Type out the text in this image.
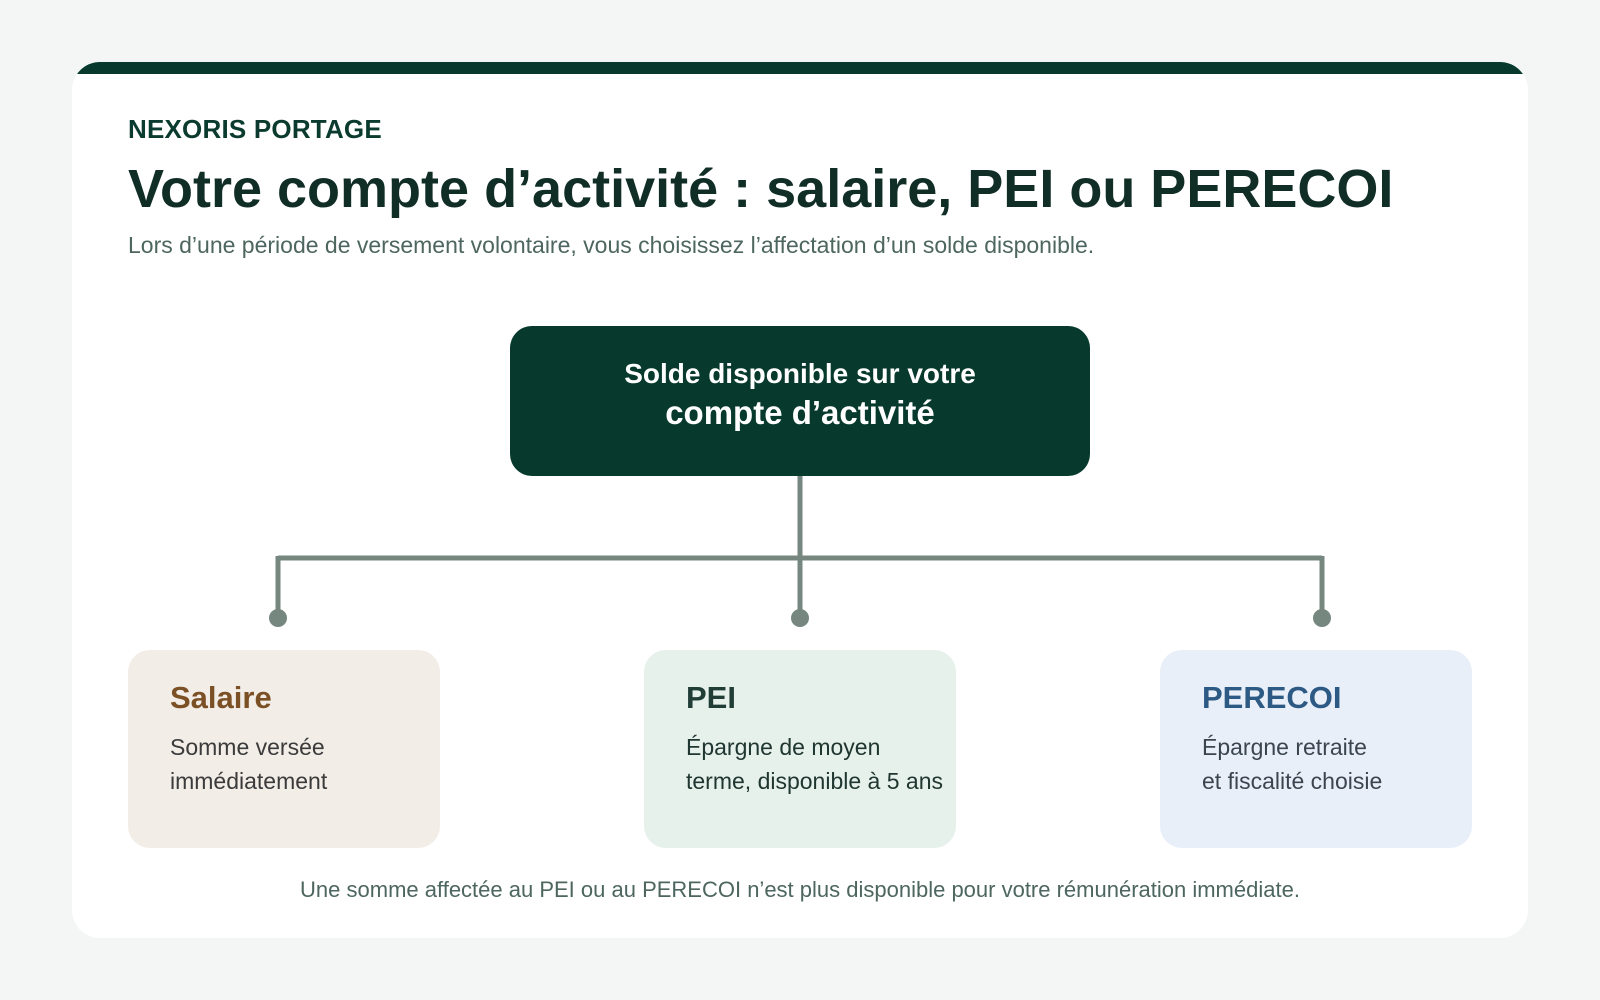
NEXORIS PORTAGE
Votre compte d’activité : salaire, PEI ou PERECOI
Lors d’une période de versement volontaire, vous choisissez l’affectation d’un solde disponible.
Solde disponible sur votre
compte d’activité
Salaire
Somme versée
immédiatement
PEI
Épargne de moyen
terme, disponible à 5 ans
PERECOI
Épargne retraite
et fiscalité choisie
Une somme affectée au PEI ou au PERECOI n’est plus disponible pour votre rémunération immédiate.
